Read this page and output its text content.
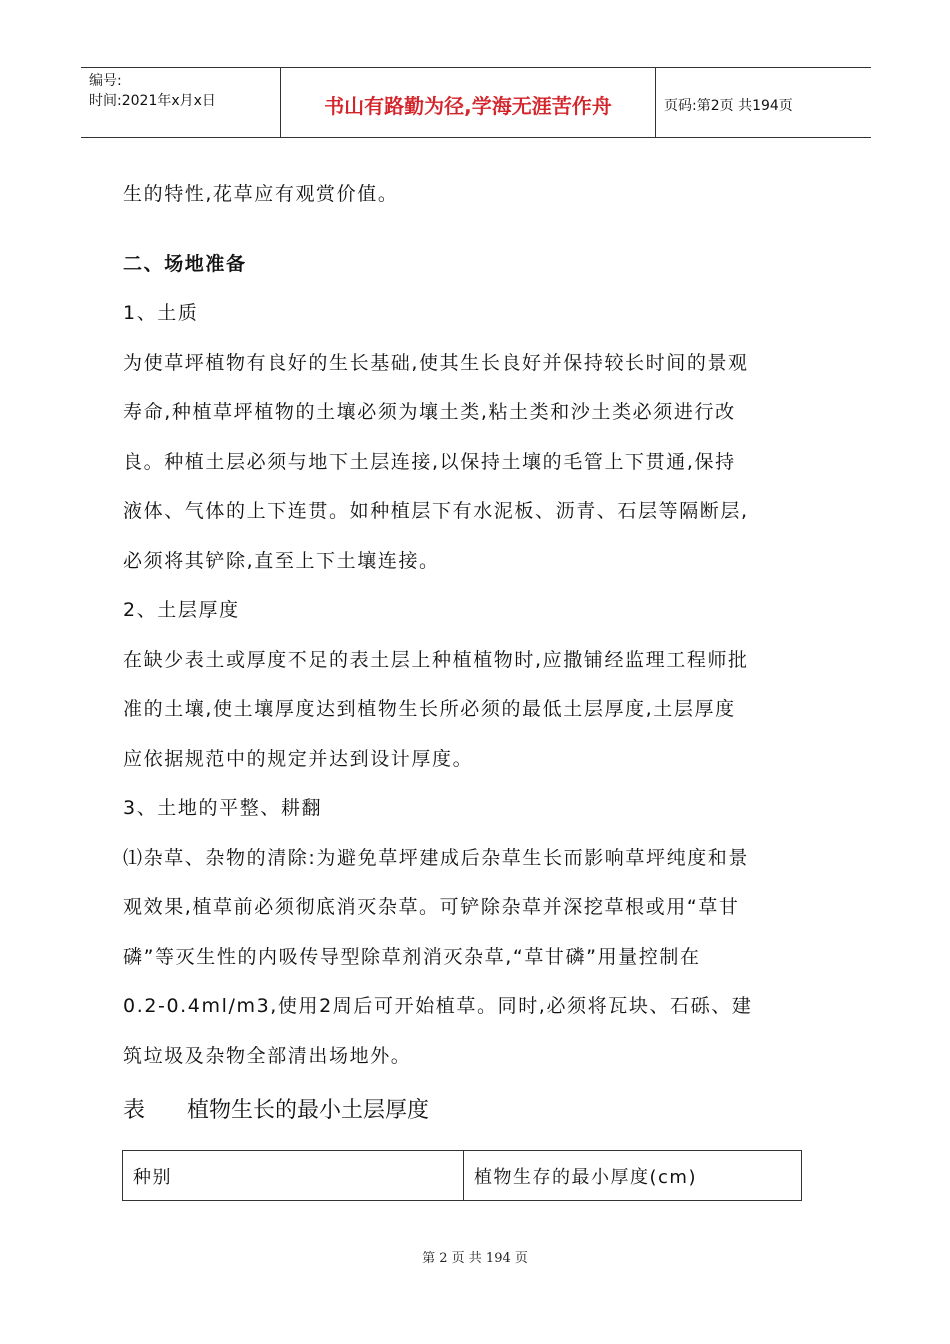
编号:
时间:2021年x月x日	书山有路勤为径,学海无涯苦作舟	页码:第2页 共194页

生的特性,花草应有观赏价值。

二、场地准备

1、土质

为使草坪植物有良好的生长基础,使其生长良好并保持较长时间的景观

寿命,种植草坪植物的土壤必须为壤土类,粘土类和沙土类必须进行改

良。种植土层必须与地下土层连接,以保持土壤的毛管上下贯通,保持

液体、气体的上下连贯。如种植层下有水泥板、沥青、石层等隔断层,

必须将其铲除,直至上下土壤连接。

2、土层厚度

在缺少表土或厚度不足的表土层上种植植物时,应撒铺经监理工程师批

准的土壤,使土壤厚度达到植物生长所必须的最低土层厚度,土层厚度

应依据规范中的规定并达到设计厚度。

3、土地的平整、耕翻

⑴杂草、杂物的清除:为避免草坪建成后杂草生长而影响草坪纯度和景

观效果,植草前必须彻底消灭杂草。可铲除杂草并深挖草根或用“草甘

磷”等灭生性的内吸传导型除草剂消灭杂草,“草甘磷”用量控制在

0.2-0.4ml/m3,使用2周后可开始植草。同时,必须将瓦块、石砾、建

筑垃圾及杂物全部清出场地外。

表      植物生长的最小土层厚度
种别	植物生存的最小厚度(cm)
第 2 页 共 194 页
